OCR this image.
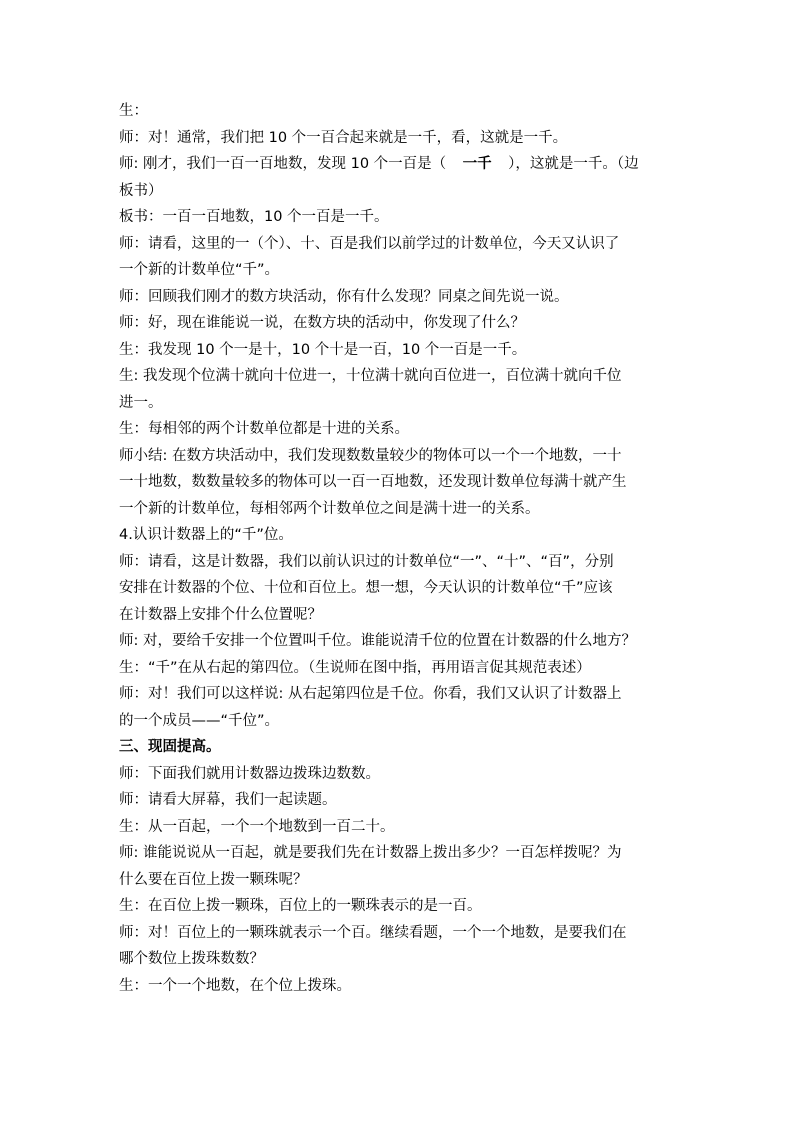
生：
师：对！通常，我们把 10 个一百合起来就是一千，看，这就是一千。
师: 刚才，我们一百一百地数，发现 10 个一百是（ 一千 ），这就是一千。（边
板书）
板书：一百一百地数，10 个一百是一千。
师：请看，这里的一（个）、十、百是我们以前学过的计数单位，今天又认识了
一个新的计数单位“千”。
师：回顾我们刚才的数方块活动，你有什么发现？同桌之间先说一说。
师：好，现在谁能说一说，在数方块的活动中，你发现了什么？
生：我发现 10 个一是十，10 个十是一百，10 个一百是一千。
生: 我发现个位满十就向十位进一，十位满十就向百位进一，百位满十就向千位
进一。
生：每相邻的两个计数单位都是十进的关系。
师小结: 在数方块活动中，我们发现数数量较少的物体可以一个一个地数，一十
一十地数，数数量较多的物体可以一百一百地数，还发现计数单位每满十就产生
一个新的计数单位，每相邻两个计数单位之间是满十进一的关系。
4.认识计数器上的“千”位。
师：请看，这是计数器，我们以前认识过的计数单位“一”、“十”、“百”，分别
安排在计数器的个位、十位和百位上。想一想，今天认识的计数单位“千”应该
在计数器上安排个什么位置呢？
师: 对，要给千安排一个位置叫千位。谁能说清千位的位置在计数器的什么地方？
生：“千”在从右起的第四位。（生说师在图中指，再用语言促其规范表述）
师：对！我们可以这样说: 从右起第四位是千位。你看，我们又认识了计数器上
的一个成员——“千位”。
三、现固提高。
师：下面我们就用计数器边拨珠边数数。
师：请看大屏幕，我们一起读题。
生：从一百起，一个一个地数到一百二十。
师: 谁能说说从一百起，就是要我们先在计数器上拨出多少？一百怎样拨呢？为
什么要在百位上拨一颗珠呢？
生：在百位上拨一颗珠，百位上的一颗珠表示的是一百。
师：对！百位上的一颗珠就表示一个百。继续看题，一个一个地数，是要我们在
哪个数位上拨珠数数？
生：一个一个地数，在个位上拨珠。
